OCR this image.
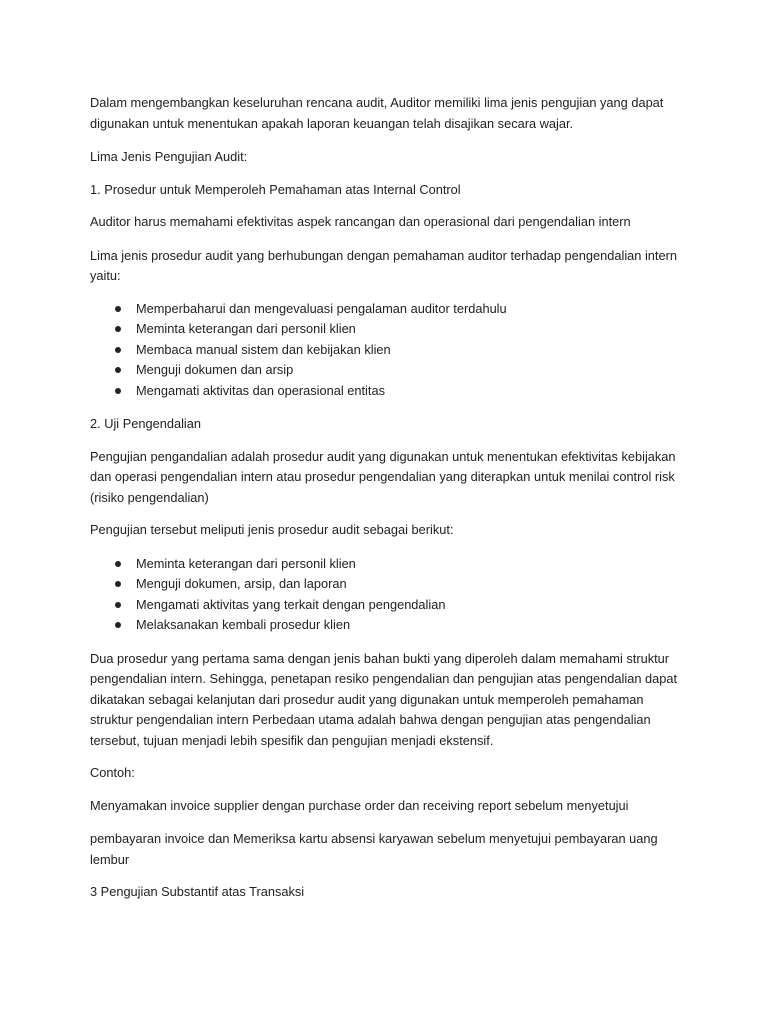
Dalam mengembangkan keseluruhan rencana audit, Auditor memiliki lima jenis pengujian yang dapat digunakan untuk menentukan apakah laporan keuangan telah disajikan secara wajar.

Lima Jenis Pengujian Audit:

1. Prosedur untuk Memperoleh Pemahaman atas Internal Control

Auditor harus memahami efektivitas aspek rancangan dan operasional dari pengendalian intern

Lima jenis prosedur audit yang berhubungan dengan pemahaman auditor terhadap pengendalian intern yaitu:

Memperbaharui dan mengevaluasi pengalaman auditor terdahulu
Meminta keterangan dari personil klien
Membaca manual sistem dan kebijakan klien
Menguji dokumen dan arsip
Mengamati aktivitas dan operasional entitas

2. Uji Pengendalian

Pengujian pengandalian adalah prosedur audit yang digunakan untuk menentukan efektivitas kebijakan dan operasi pengendalian intern atau prosedur pengendalian yang diterapkan untuk menilai control risk (risiko pengendalian)

Pengujian tersebut meliputi jenis prosedur audit sebagai berikut:

Meminta keterangan dari personil klien
Menguji dokumen, arsip, dan laporan
Mengamati aktivitas yang terkait dengan pengendalian
Melaksanakan kembali prosedur klien

Dua prosedur yang pertama sama dengan jenis bahan bukti yang diperoleh dalam memahami struktur pengendalian intern. Sehingga, penetapan resiko pengendalian dan pengujian atas pengendalian dapat dikatakan sebagai kelanjutan dari prosedur audit yang digunakan untuk memperoleh pemahaman struktur pengendalian intern Perbedaan utama adalah bahwa dengan pengujian atas pengendalian tersebut, tujuan menjadi lebih spesifik dan pengujian menjadi ekstensif.

Contoh:

Menyamakan invoice supplier dengan purchase order dan receiving report sebelum menyetujui

pembayaran invoice dan Memeriksa kartu absensi karyawan sebelum menyetujui pembayaran uang lembur

3 Pengujian Substantif atas Transaksi
